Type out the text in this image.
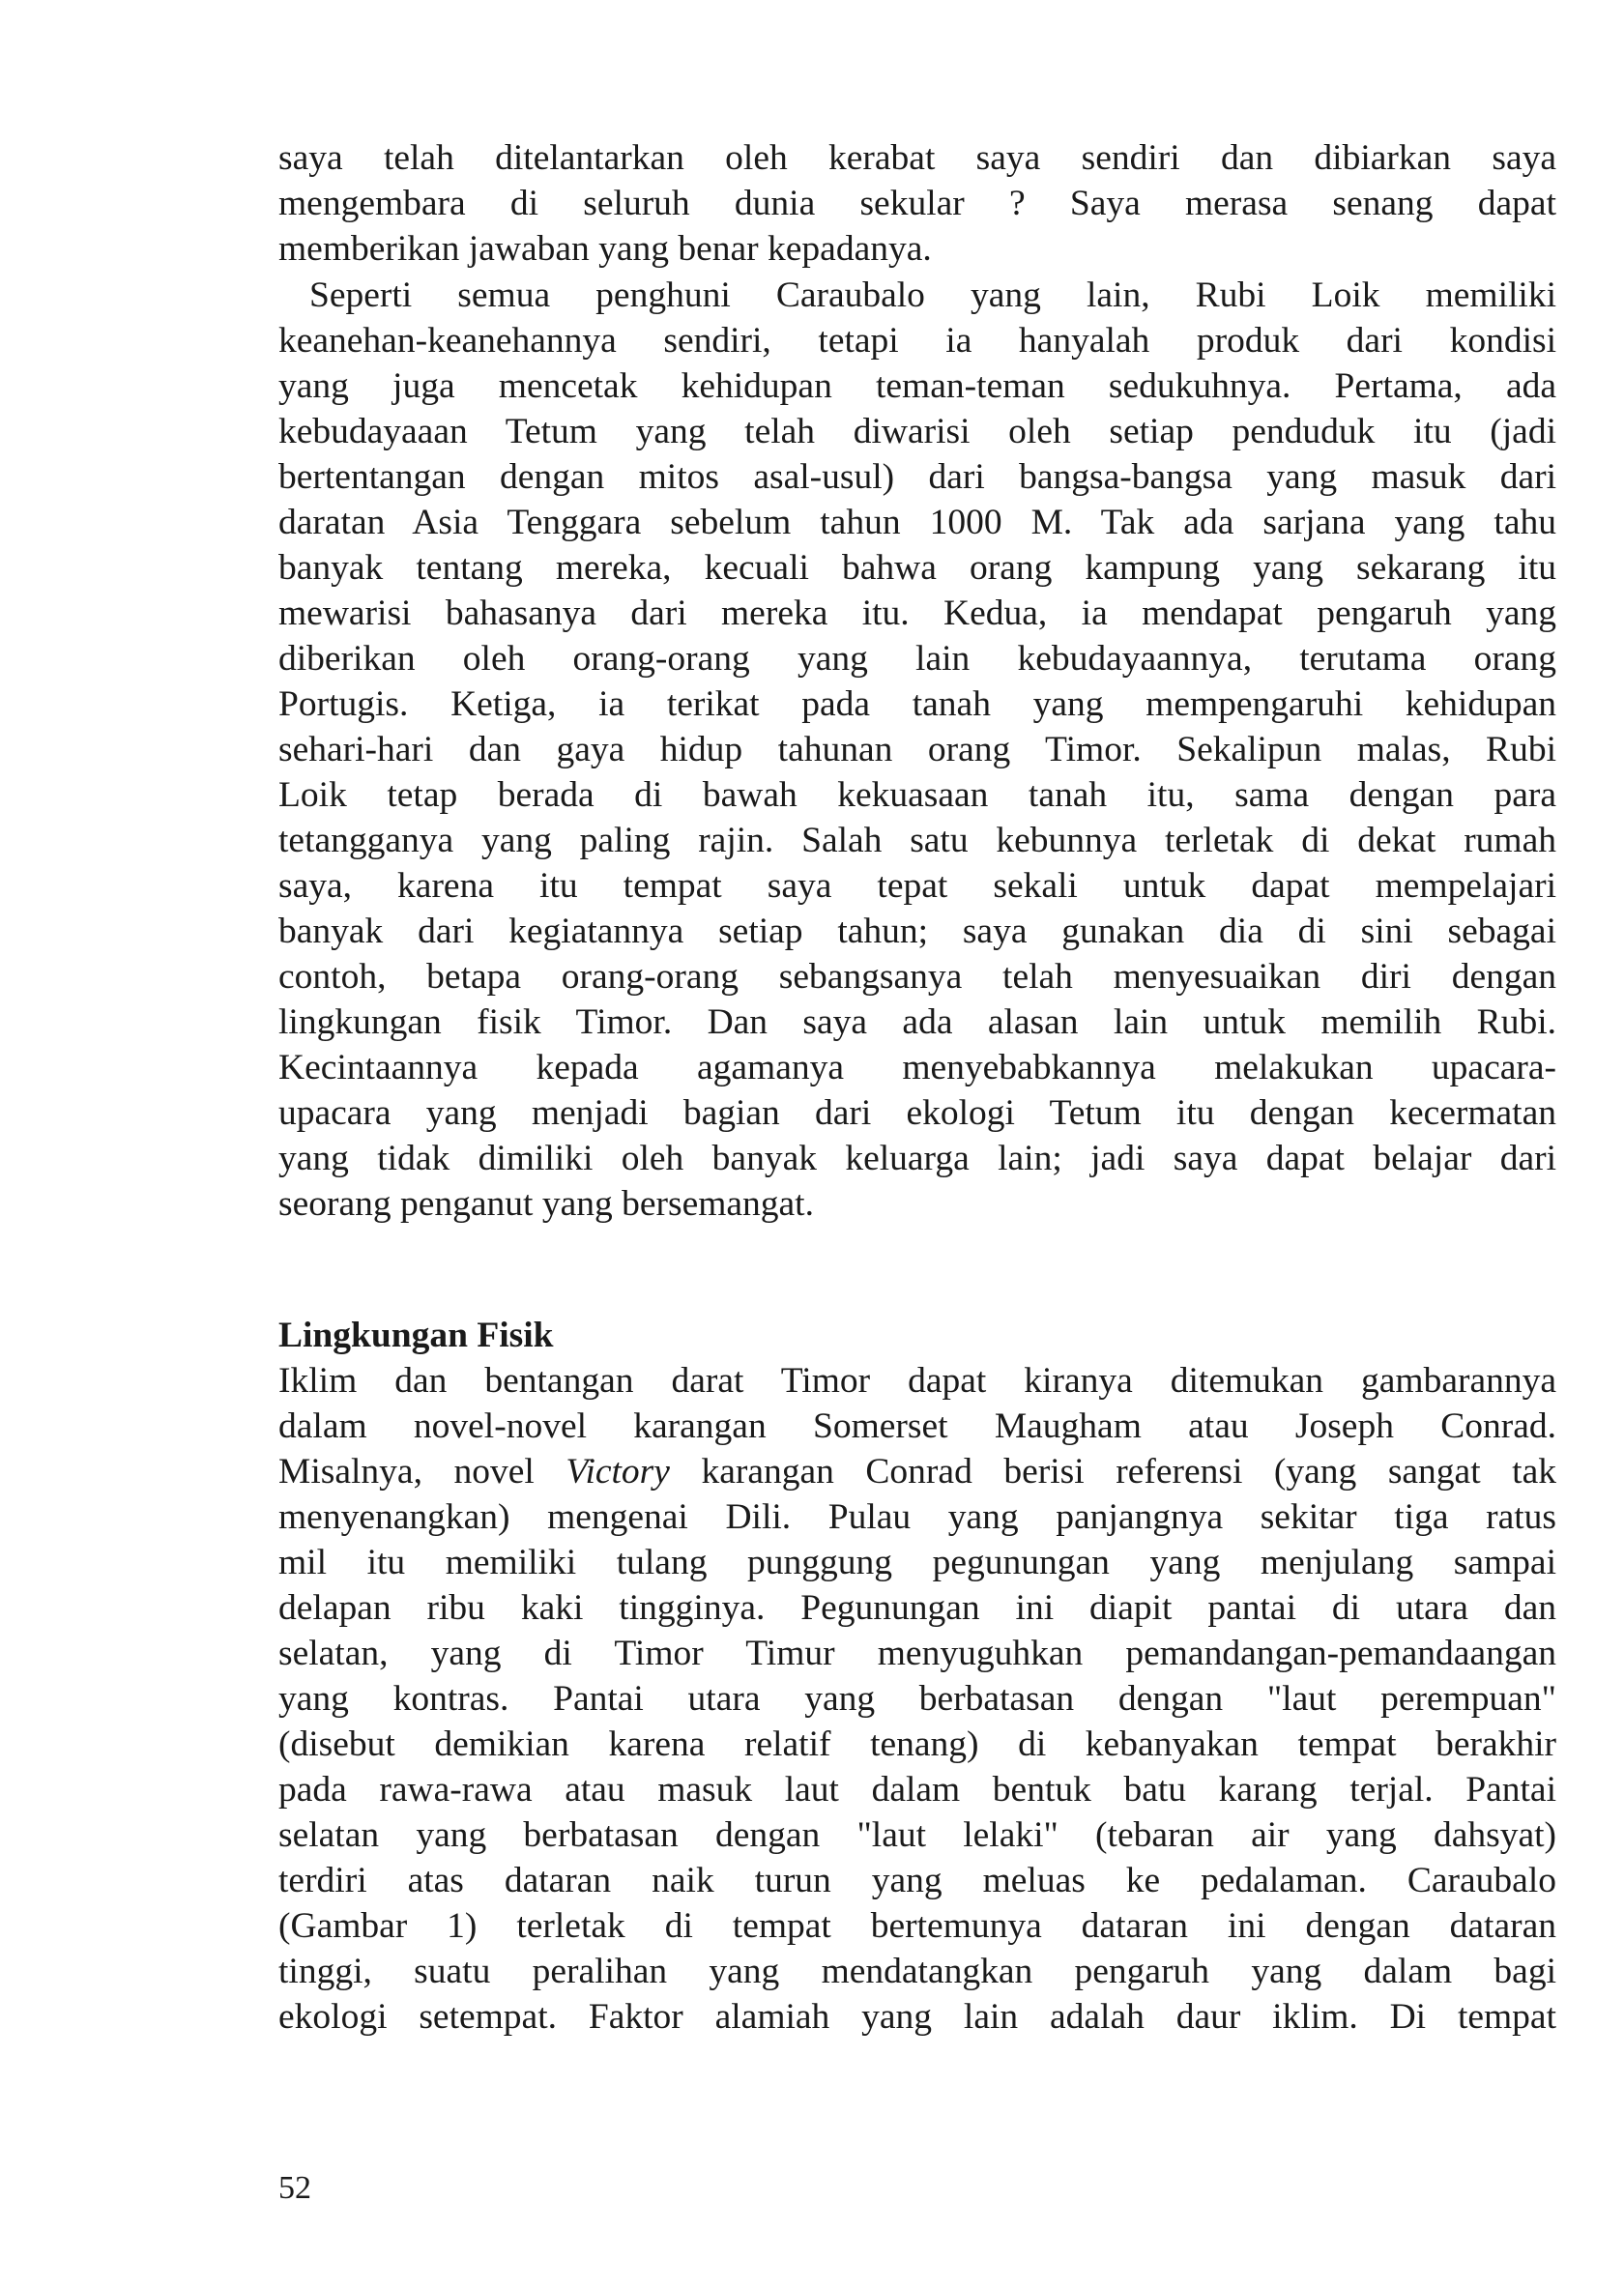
saya telah ditelantarkan oleh kerabat saya sendiri dan dibiarkan saya
mengembara di seluruh dunia sekular ? Saya merasa senang dapat
memberikan jawaban yang benar kepadanya.
Seperti semua penghuni Caraubalo yang lain, Rubi Loik memiliki
keanehan-keanehannya sendiri, tetapi ia hanyalah produk dari kondisi
yang juga mencetak kehidupan teman-teman sedukuhnya. Pertama, ada
kebudayaaan Tetum yang telah diwarisi oleh setiap penduduk itu (jadi
bertentangan dengan mitos asal-usul) dari bangsa-bangsa yang masuk dari
daratan Asia Tenggara sebelum tahun 1000 M. Tak ada sarjana yang tahu
banyak tentang mereka, kecuali bahwa orang kampung yang sekarang itu
mewarisi bahasanya dari mereka itu. Kedua, ia mendapat pengaruh yang
diberikan oleh orang-orang yang lain kebudayaannya, terutama orang
Portugis. Ketiga, ia terikat pada tanah yang mempengaruhi kehidupan
sehari-hari dan gaya hidup tahunan orang Timor. Sekalipun malas, Rubi
Loik tetap berada di bawah kekuasaan tanah itu, sama dengan para
tetangganya yang paling rajin. Salah satu kebunnya terletak di dekat rumah
saya, karena itu tempat saya tepat sekali untuk dapat mempelajari
banyak dari kegiatannya setiap tahun; saya gunakan dia di sini sebagai
contoh, betapa orang-orang sebangsanya telah menyesuaikan diri dengan
lingkungan fisik Timor. Dan saya ada alasan lain untuk memilih Rubi.
Kecintaannya kepada agamanya menyebabkannya melakukan upacara-
upacara yang menjadi bagian dari ekologi Tetum itu dengan kecermatan
yang tidak dimiliki oleh banyak keluarga lain; jadi saya dapat belajar dari
seorang penganut yang bersemangat.
Lingkungan Fisik
Iklim dan bentangan darat Timor dapat kiranya ditemukan gambarannya
dalam novel-novel karangan Somerset Maugham atau Joseph Conrad.
Misalnya, novel Victory karangan Conrad berisi referensi (yang sangat tak
menyenangkan) mengenai Dili. Pulau yang panjangnya sekitar tiga ratus
mil itu memiliki tulang punggung pegunungan yang menjulang sampai
delapan ribu kaki tingginya. Pegunungan ini diapit pantai di utara dan
selatan, yang di Timor Timur menyuguhkan pemandangan-pemandaangan
yang kontras. Pantai utara yang berbatasan dengan "laut perempuan"
(disebut demikian karena relatif tenang) di kebanyakan tempat berakhir
pada rawa-rawa atau masuk laut dalam bentuk batu karang terjal. Pantai
selatan yang berbatasan dengan "laut lelaki" (tebaran air yang dahsyat)
terdiri atas dataran naik turun yang meluas ke pedalaman. Caraubalo
(Gambar 1) terletak di tempat bertemunya dataran ini dengan dataran
tinggi, suatu peralihan yang mendatangkan pengaruh yang dalam bagi
ekologi setempat. Faktor alamiah yang lain adalah daur iklim. Di tempat
52
